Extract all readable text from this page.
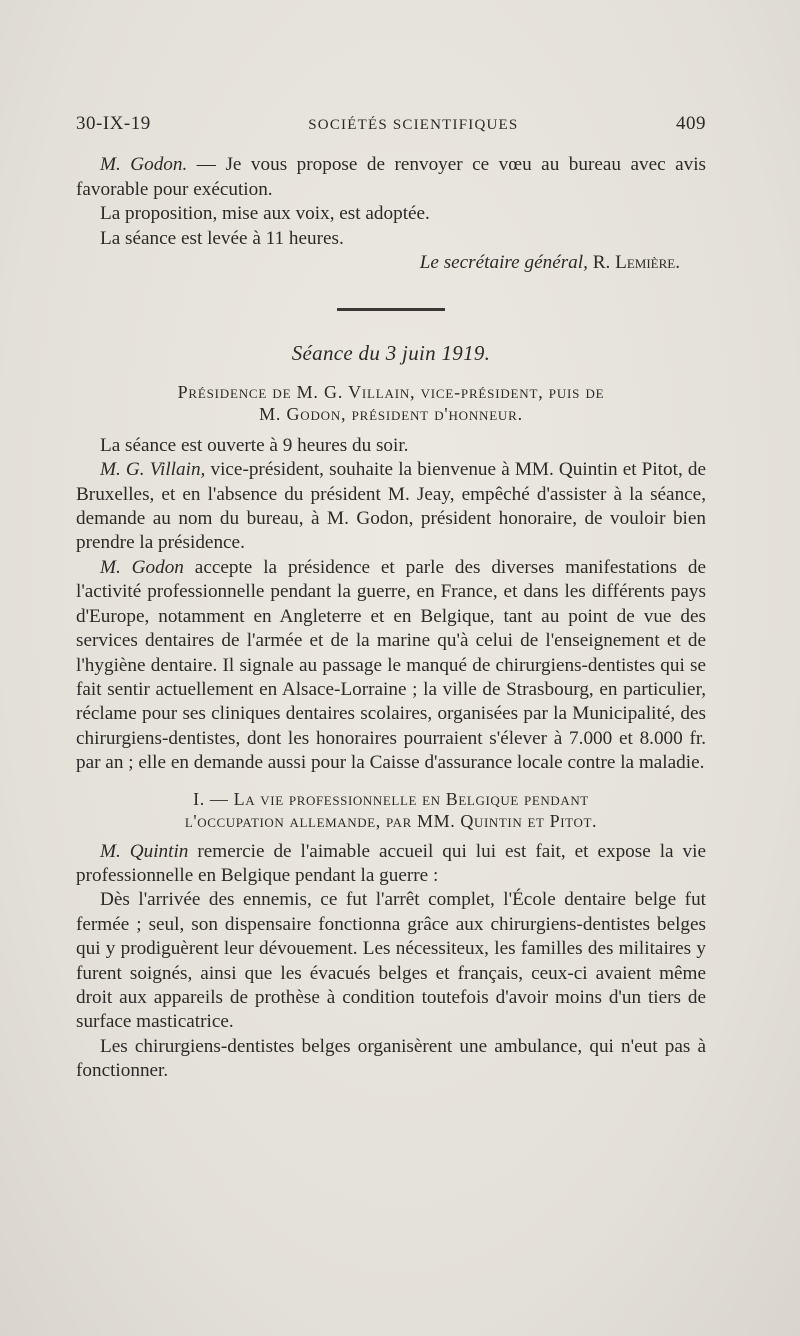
30-IX-19	SOCIÉTÉS SCIENTIFIQUES	409

M. Godon. — Je vous propose de renvoyer ce vœu au bureau avec avis favorable pour exécution.

La proposition, mise aux voix, est adoptée.

La séance est levée à 11 heures.

Le secrétaire général, R. Lemière.

Séance du 3 juin 1919.
Présidence de M. G. Villain, vice-président, puis de
M. Godon, président d'honneur.

La séance est ouverte à 9 heures du soir.

M. G. Villain, vice-président, souhaite la bienvenue à MM. Quintin et Pitot, de Bruxelles, et en l'absence du président M. Jeay, empêché d'assister à la séance, demande au nom du bureau, à M. Godon, président honoraire, de vouloir bien prendre la présidence.

M. Godon accepte la présidence et parle des diverses manifestations de l'activité professionnelle pendant la guerre, en France, et dans les différents pays d'Europe, notamment en Angleterre et en Belgique, tant au point de vue des services dentaires de l'armée et de la marine qu'à celui de l'enseignement et de l'hygiène dentaire. Il signale au passage le manqué de chirurgiens-dentistes qui se fait sentir actuellement en Alsace-Lorraine ; la ville de Strasbourg, en particulier, réclame pour ses cliniques dentaires scolaires, organisées par la Municipalité, des chirurgiens-dentistes, dont les honoraires pourraient s'élever à 7.000 et 8.000 fr. par an ; elle en demande aussi pour la Caisse d'assurance locale contre la maladie.

I. — La vie professionnelle en Belgique pendant
l'occupation allemande, par MM. Quintin et Pitot.

M. Quintin remercie de l'aimable accueil qui lui est fait, et expose la vie professionnelle en Belgique pendant la guerre :

Dès l'arrivée des ennemis, ce fut l'arrêt complet, l'École dentaire belge fut fermée ; seul, son dispensaire fonctionna grâce aux chirurgiens-dentistes belges qui y prodiguèrent leur dévouement. Les nécessiteux, les familles des militaires y furent soignés, ainsi que les évacués belges et français, ceux-ci avaient même droit aux appareils de prothèse à condition toutefois d'avoir moins d'un tiers de surface masticatrice.

Les chirurgiens-dentistes belges organisèrent une ambulance, qui n'eut pas à fonctionner.
